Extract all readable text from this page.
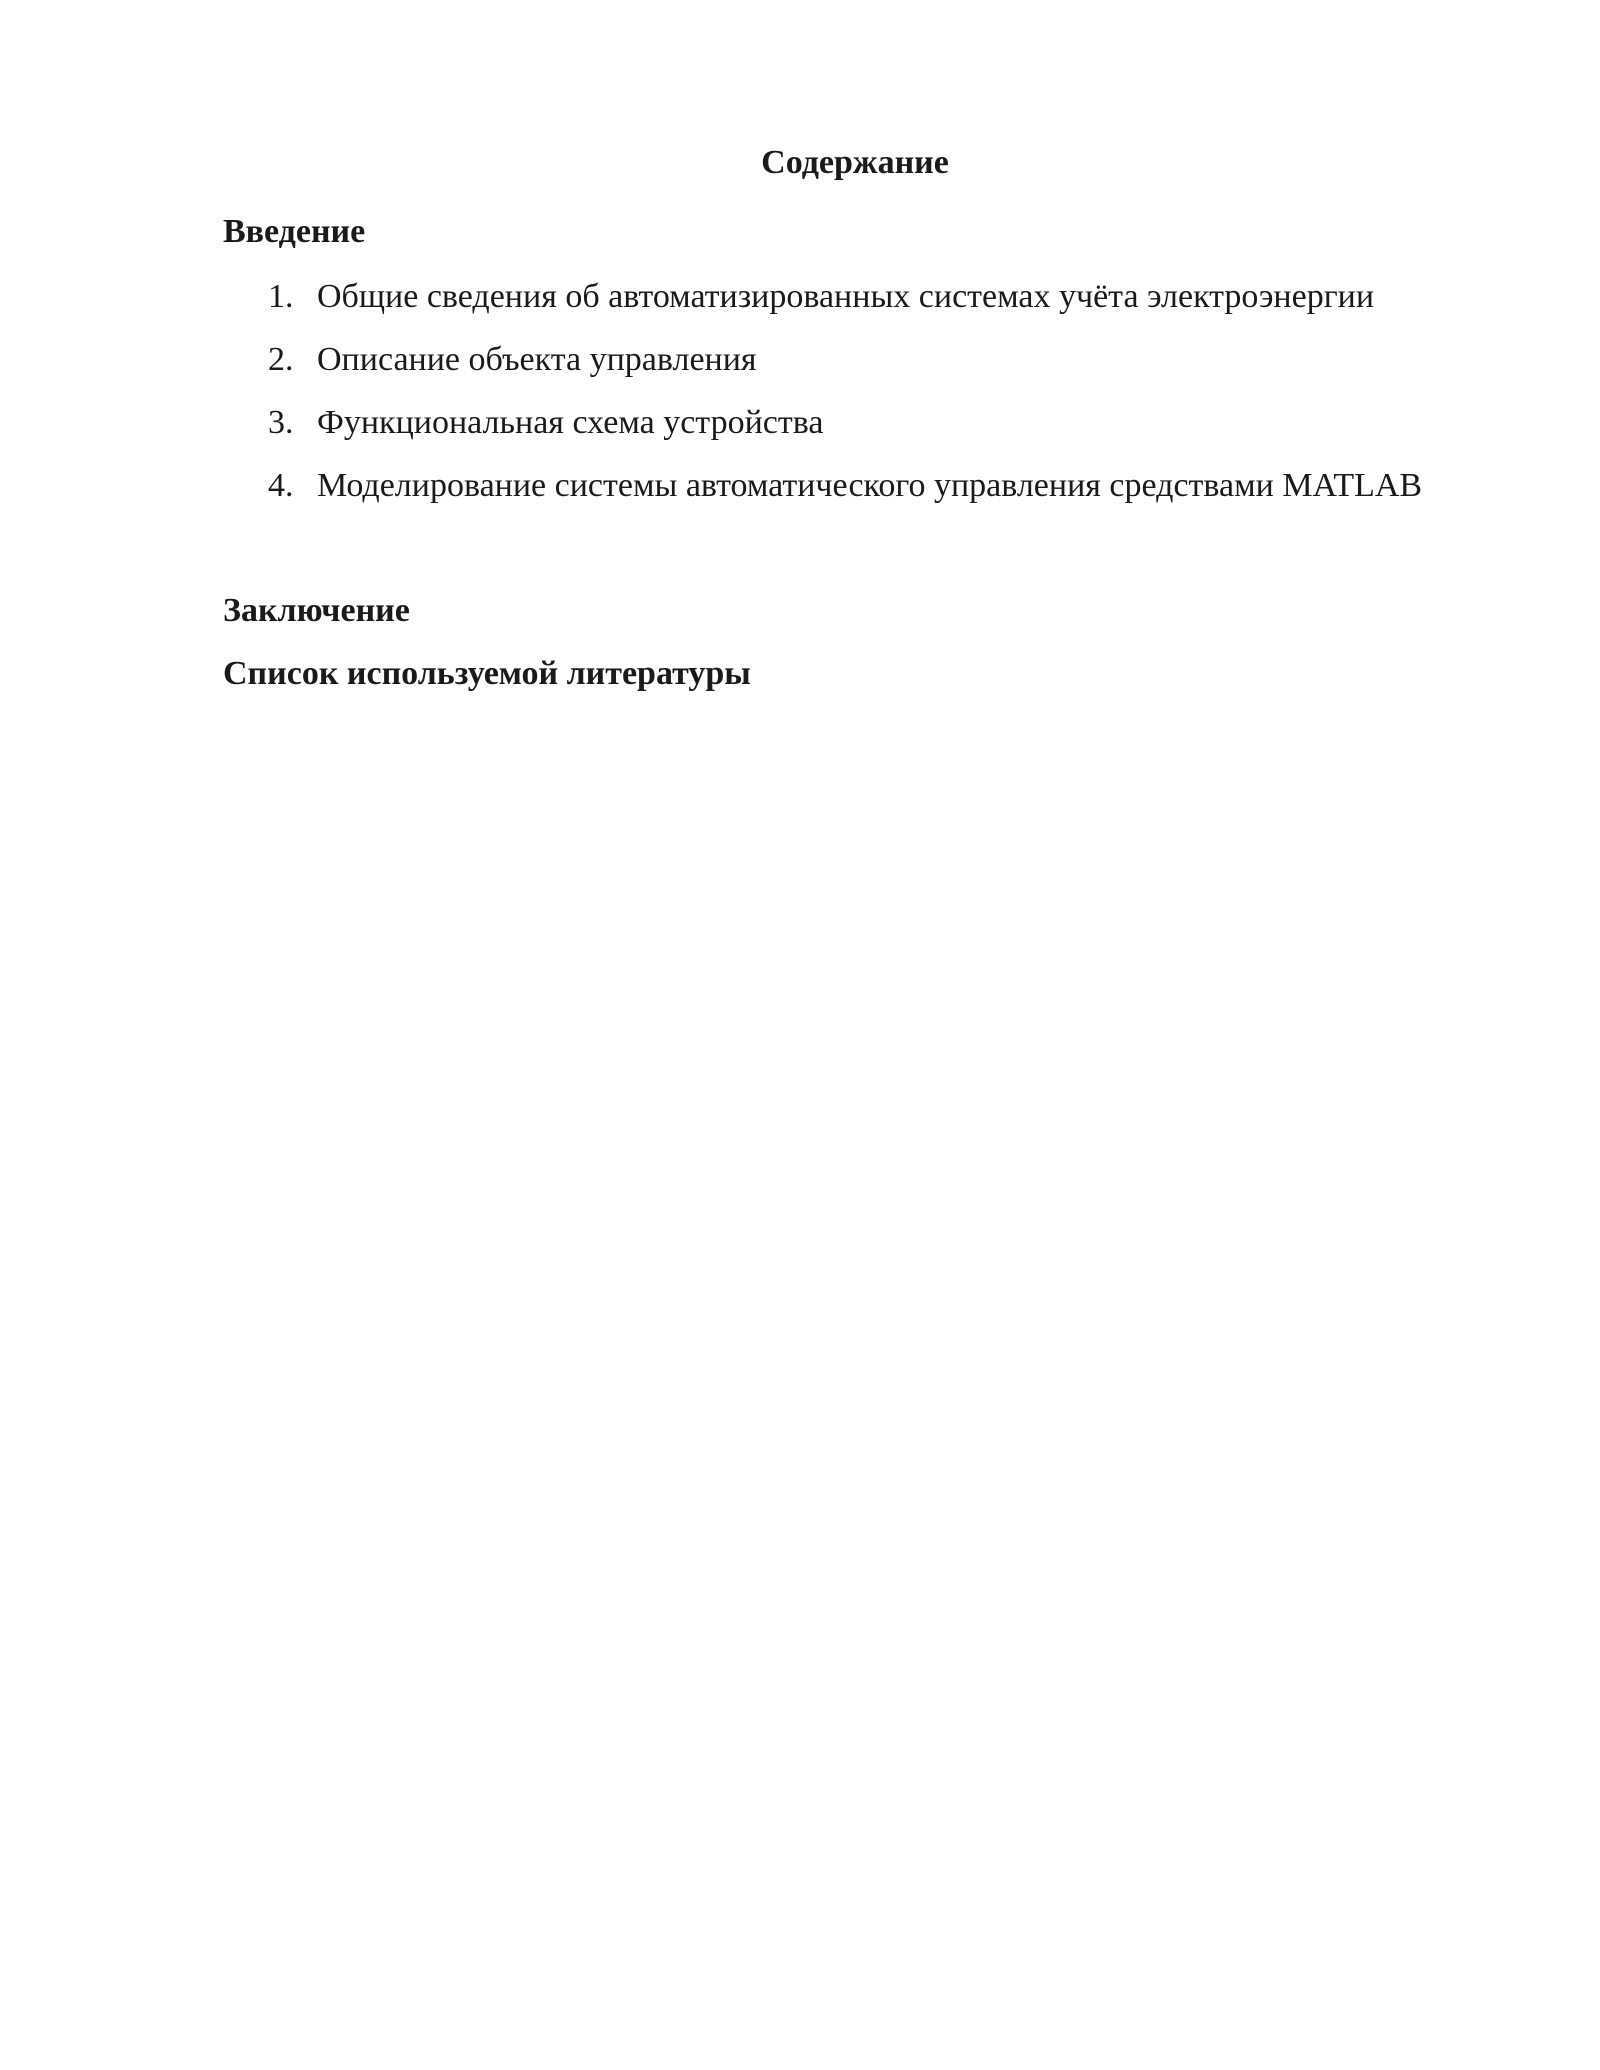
Содержание
Введение
1. Общие сведения об автоматизированных системах учёта электроэнергии
2. Описание объекта управления
3. Функциональная схема устройства
4. Моделирование системы автоматического управления средствами MATLAB
Заключение
Список используемой литературы
